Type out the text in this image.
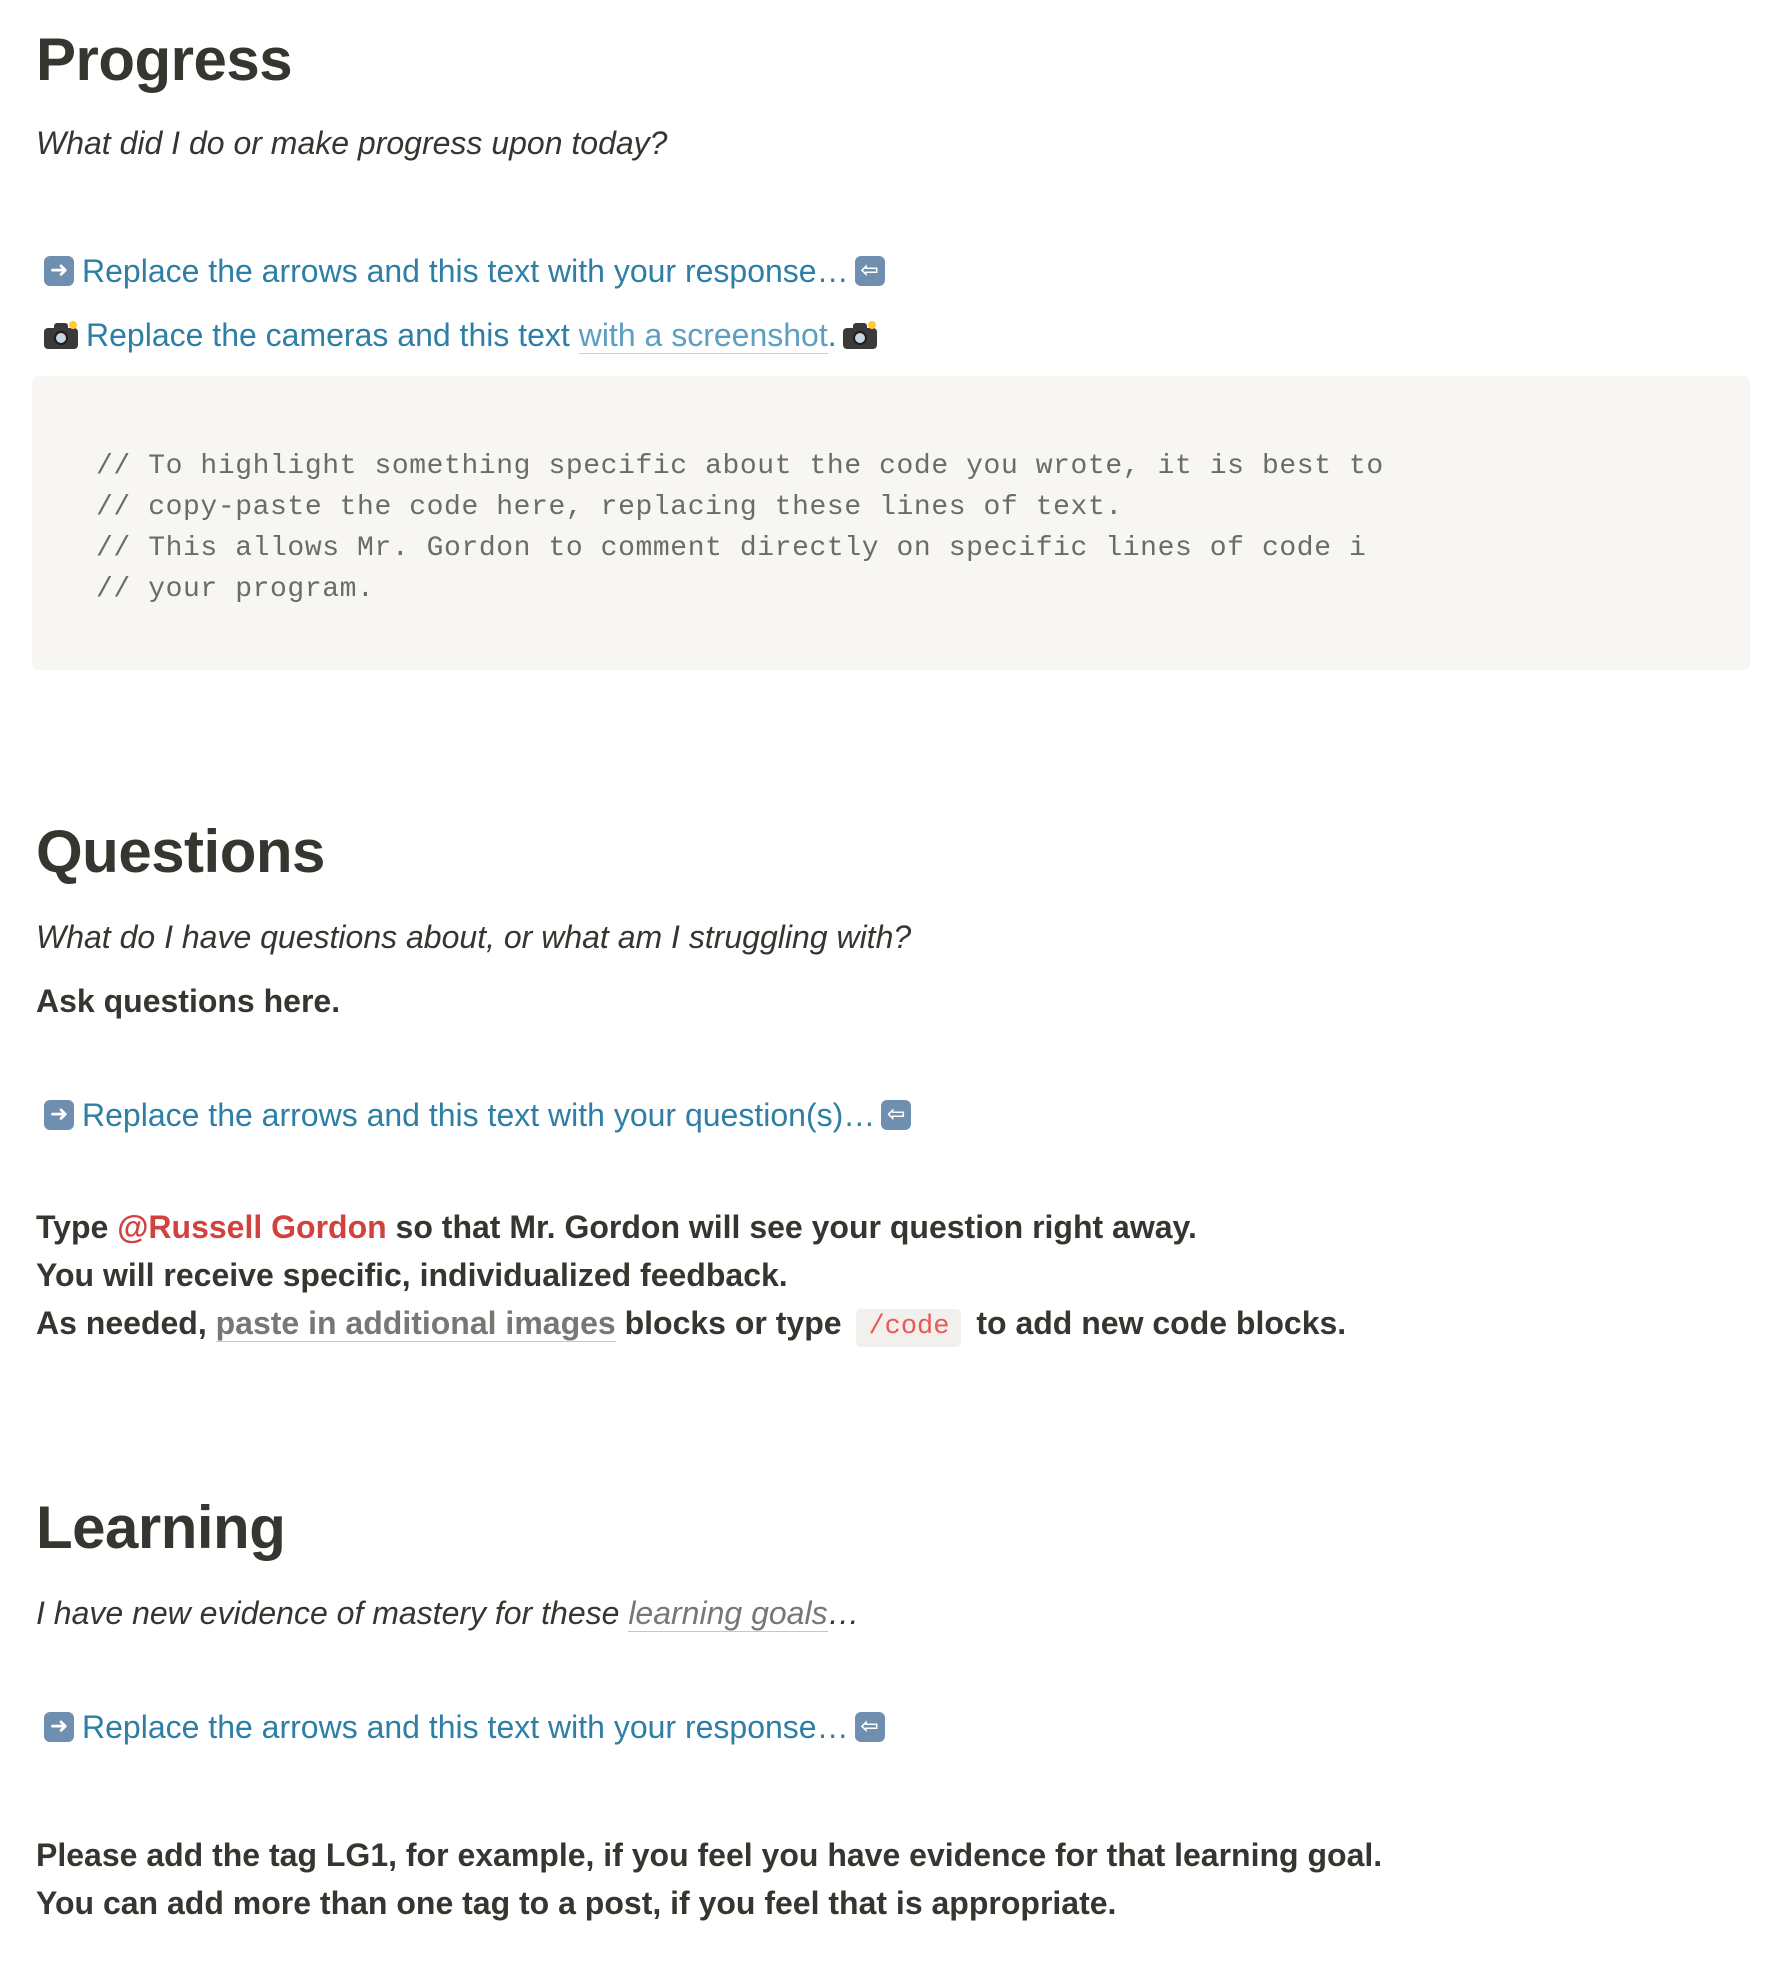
Progress

What did I do or make progress upon today?

➜ Replace the arrows and this text with your response… ⇦

Replace the cameras and this text with a screenshot.

// To highlight something specific about the code you wrote, it is best to
// copy-paste the code here, replacing these lines of text.
// This allows Mr. Gordon to comment directly on specific lines of code i
// your program.
Questions

What do I have questions about, or what am I struggling with?

Ask questions here.

➜ Replace the arrows and this text with your question(s)… ⇦

Type @Russell Gordon so that Mr. Gordon will see your question right away.

You will receive specific, individualized feedback.

As needed, paste in additional images blocks or type /code to add new code blocks.

Learning

I have new evidence of mastery for these learning goals…

➜ Replace the arrows and this text with your response… ⇦

Please add the tag LG1, for example, if you feel you have evidence for that learning goal.

You can add more than one tag to a post, if you feel that is appropriate.
